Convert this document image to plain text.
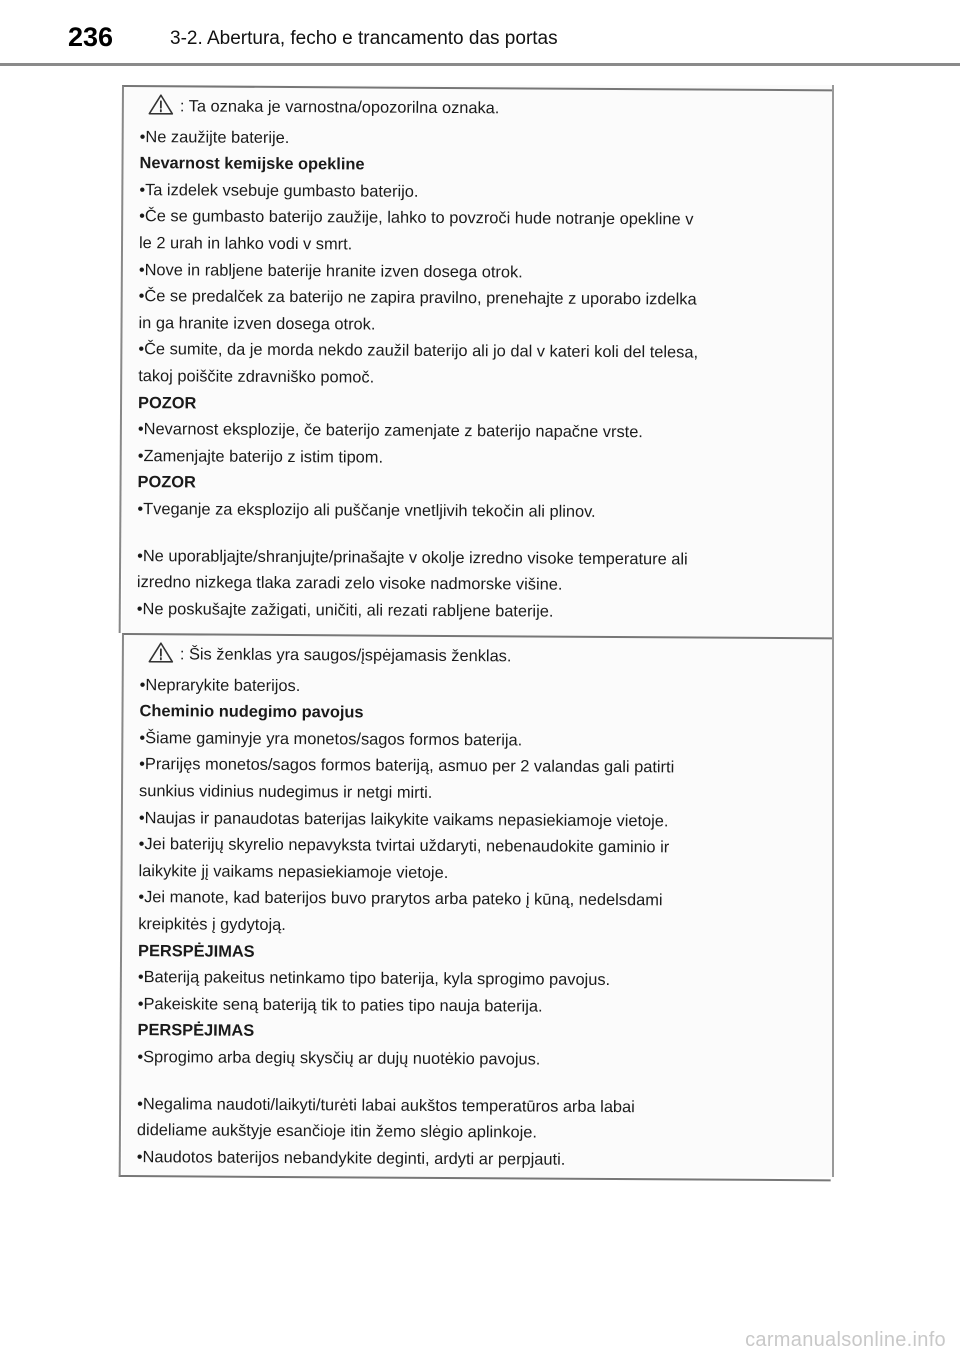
236	3-2. Abertura, fecho e trancamento das portas
: Ta oznaka je varnostna/opozorilna oznaka.
•Ne zaužijte baterije.
Nevarnost kemijske opekline
•Ta izdelek vsebuje gumbasto baterijo.
•Če se gumbasto baterijo zaužije, lahko to povzroči hude notranje opekline v
le 2 urah in lahko vodi v smrt.
•Nove in rabljene baterije hranite izven dosega otrok.
•Če se predalček za baterijo ne zapira pravilno, prenehajte z uporabo izdelka
in ga hranite izven dosega otrok.
•Če sumite, da je morda nekdo zaužil baterijo ali jo dal v kateri koli del telesa,
takoj poiščite zdravniško pomoč.
POZOR
•Nevarnost eksplozije, če baterijo zamenjate z baterijo napačne vrste.
•Zamenjajte baterijo z istim tipom.
POZOR
•Tveganje za eksplozijo ali puščanje vnetljivih tekočin ali plinov.
•Ne uporabljajte/shranjujte/prinašajte v okolje izredno visoke temperature ali
izredno nizkega tlaka zaradi zelo visoke nadmorske višine.
•Ne poskušajte zažigati, uničiti, ali rezati rabljene baterije.
: Šis ženklas yra saugos/įspėjamasis ženklas.
•Neprarykite baterijos.
Cheminio nudegimo pavojus
•Šiame gaminyje yra monetos/sagos formos baterija.
•Prarijęs monetos/sagos formos bateriją, asmuo per 2 valandas gali patirti
sunkius vidinius nudegimus ir netgi mirti.
•Naujas ir panaudotas baterijas laikykite vaikams nepasiekiamoje vietoje.
•Jei baterijų skyrelio nepavyksta tvirtai uždaryti, nebenaudokite gaminio ir
laikykite jį vaikams nepasiekiamoje vietoje.
•Jei manote, kad baterijos buvo prarytos arba pateko į kūną, nedelsdami
kreipkitės į gydytoją.
PERSPĖJIMAS
•Bateriją pakeitus netinkamo tipo baterija, kyla sprogimo pavojus.
•Pakeiskite seną bateriją tik to paties tipo nauja baterija.
PERSPĖJIMAS
•Sprogimo arba degių skysčių ar dujų nuotėkio pavojus.
•Negalima naudoti/laikyti/turėti labai aukštos temperatūros arba labai
dideliame aukštyje esančioje itin žemo slėgio aplinkoje.
•Naudotos baterijos nebandykite deginti, ardyti ar perpjauti.
carmanualsonline.info
